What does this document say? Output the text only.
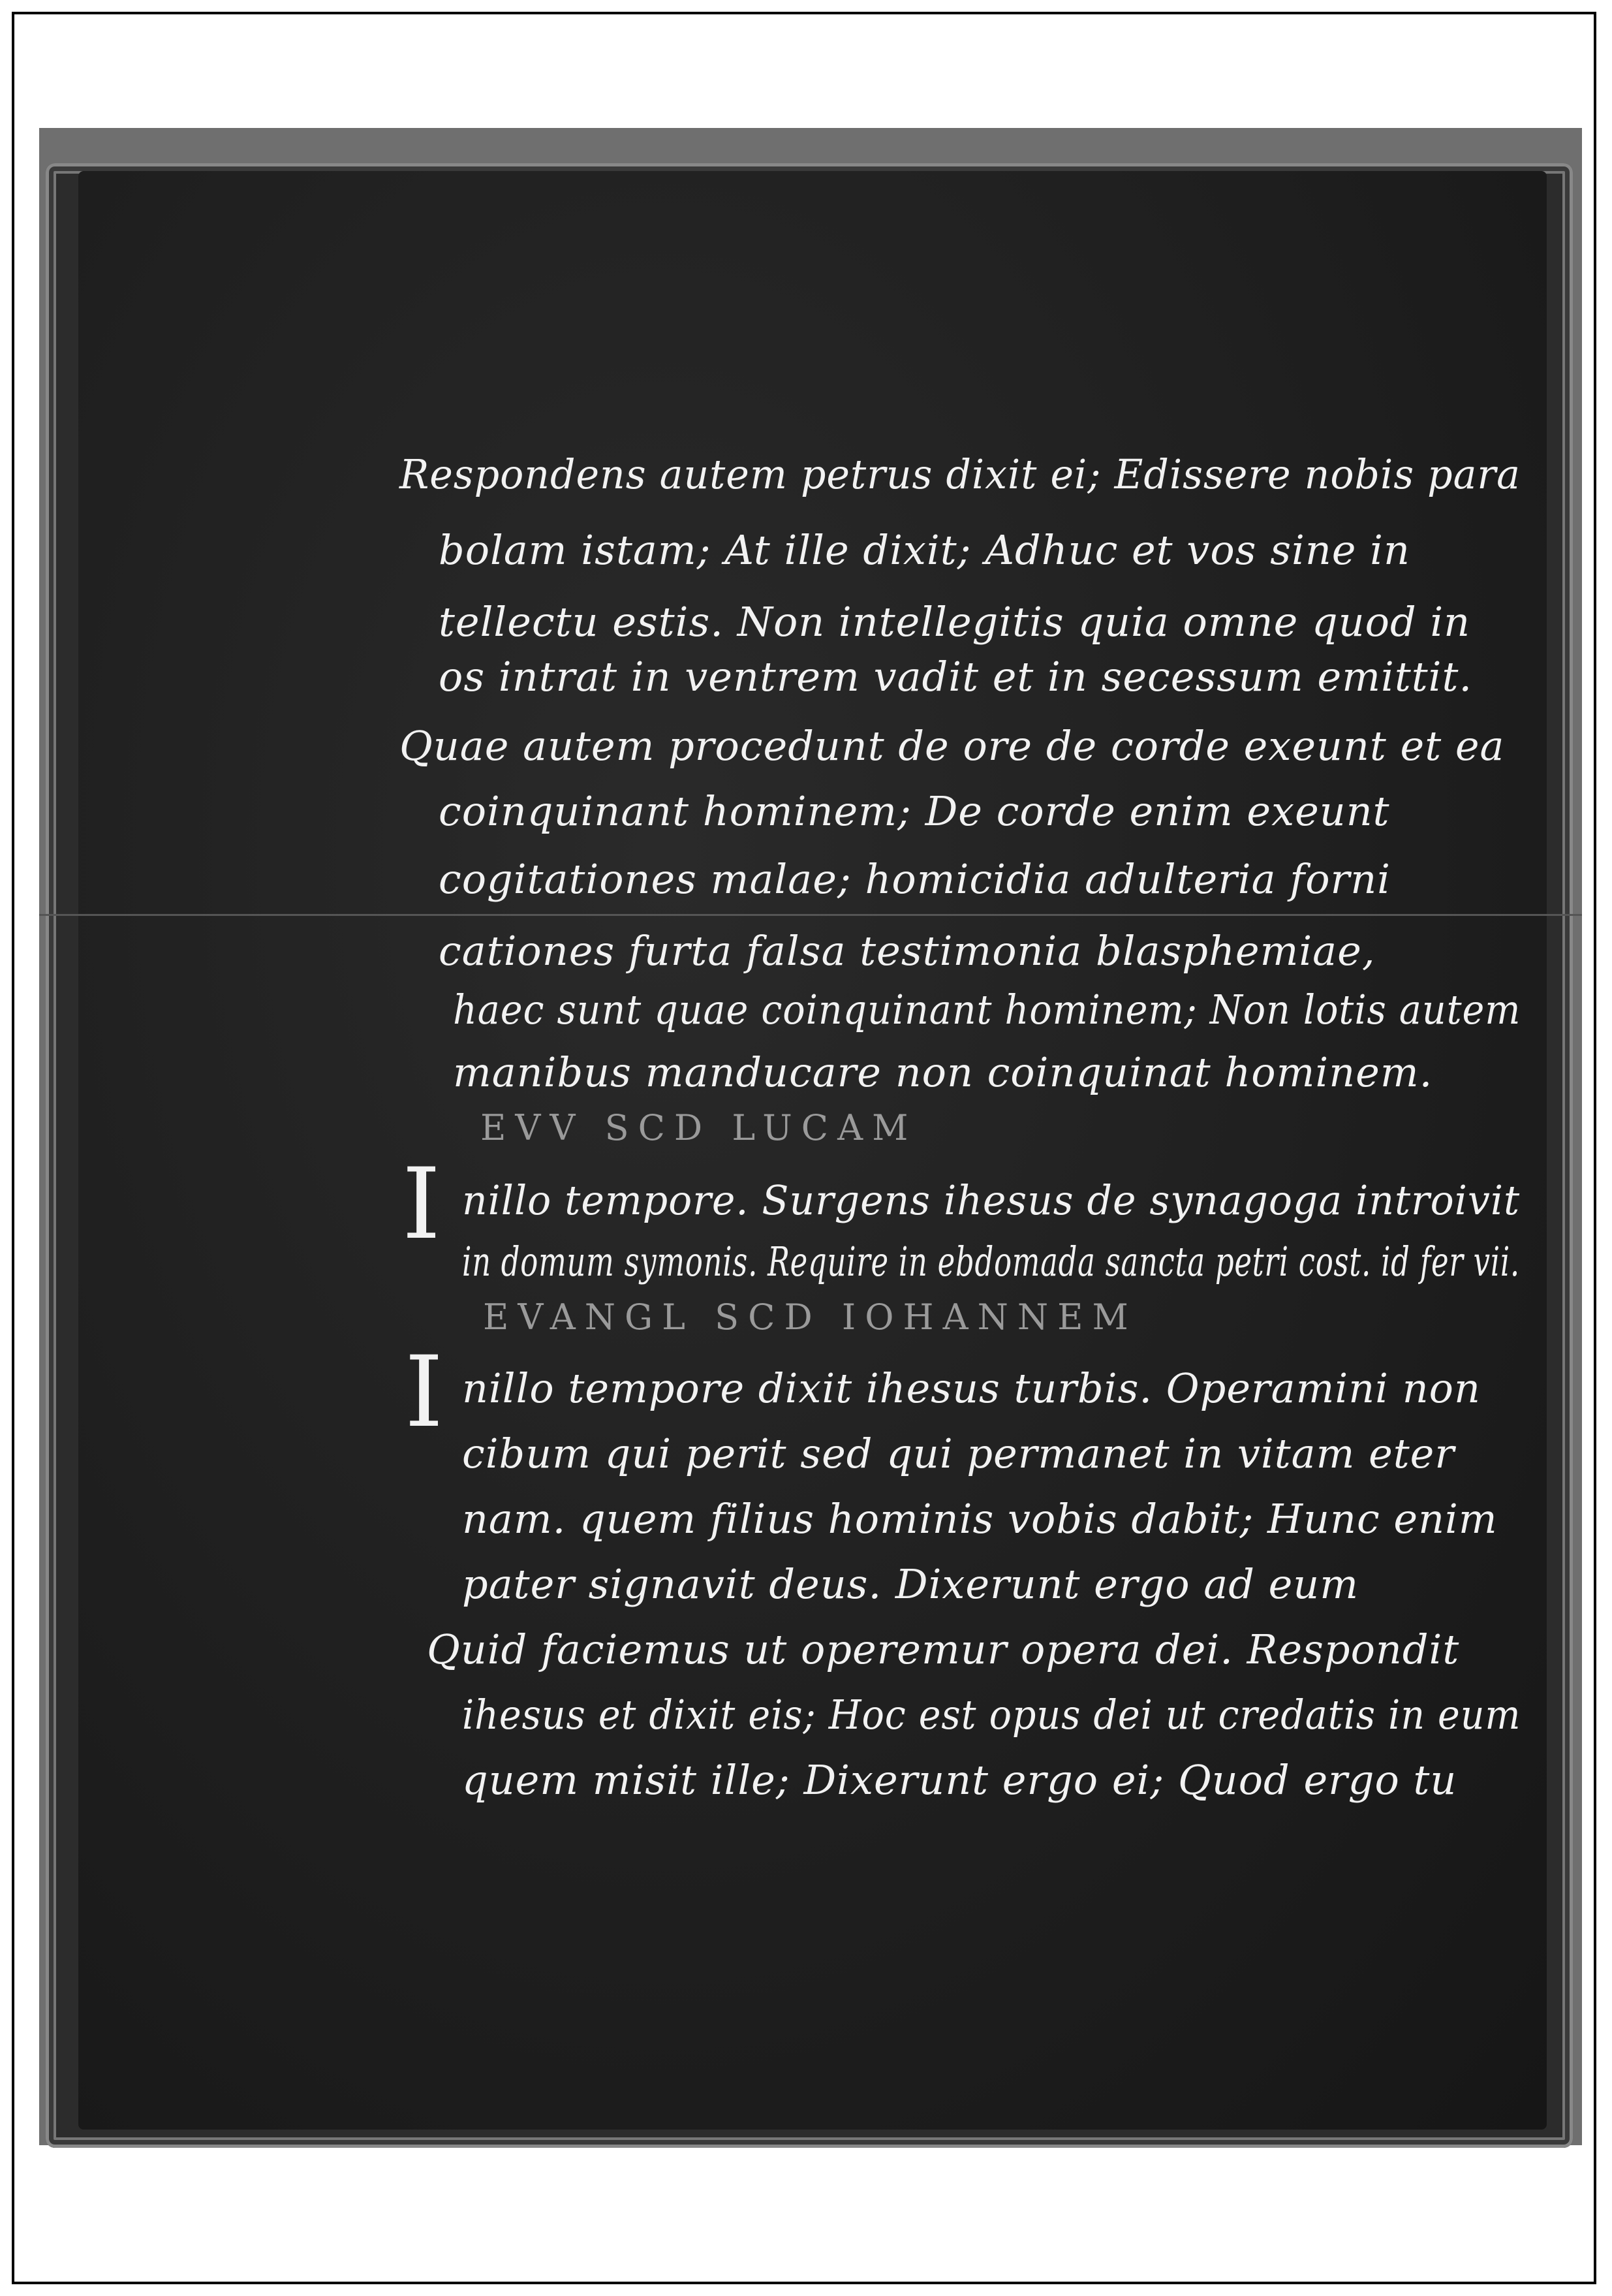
Respondens autem petrus dixit ei; Edissere nobis para
bolam istam; At ille dixit; Adhuc et vos sine in
tellectu estis. Non intellegitis quia omne quod in
os intrat in ventrem vadit et in secessum emittit.
Quae autem procedunt de ore de corde exeunt et ea
coinquinant hominem; De corde enim exeunt
cogitationes malae; homicidia adulteria forni
cationes furta falsa testimonia blasphemiae,
haec sunt quae coinquinant hominem; Non lotis autem
manibus manducare non coinquinat hominem.
EVV SCD LUCAM
I nillo tempore. Surgens ihesus de synagoga introivit
in domum symonis. Require in ebdomada sancta petri cost. id fer vii.
EVANGL SCD IOHANNEM
I nillo tempore dixit ihesus turbis. Operamini non
cibum qui perit sed qui permanet in vitam eter
nam. quem filius hominis vobis dabit; Hunc enim
pater signavit deus. Dixerunt ergo ad eum
Quid faciemus ut operemur opera dei. Respondit
ihesus et dixit eis; Hoc est opus dei ut credatis in eum
quem misit ille; Dixerunt ergo ei; Quod ergo tu
